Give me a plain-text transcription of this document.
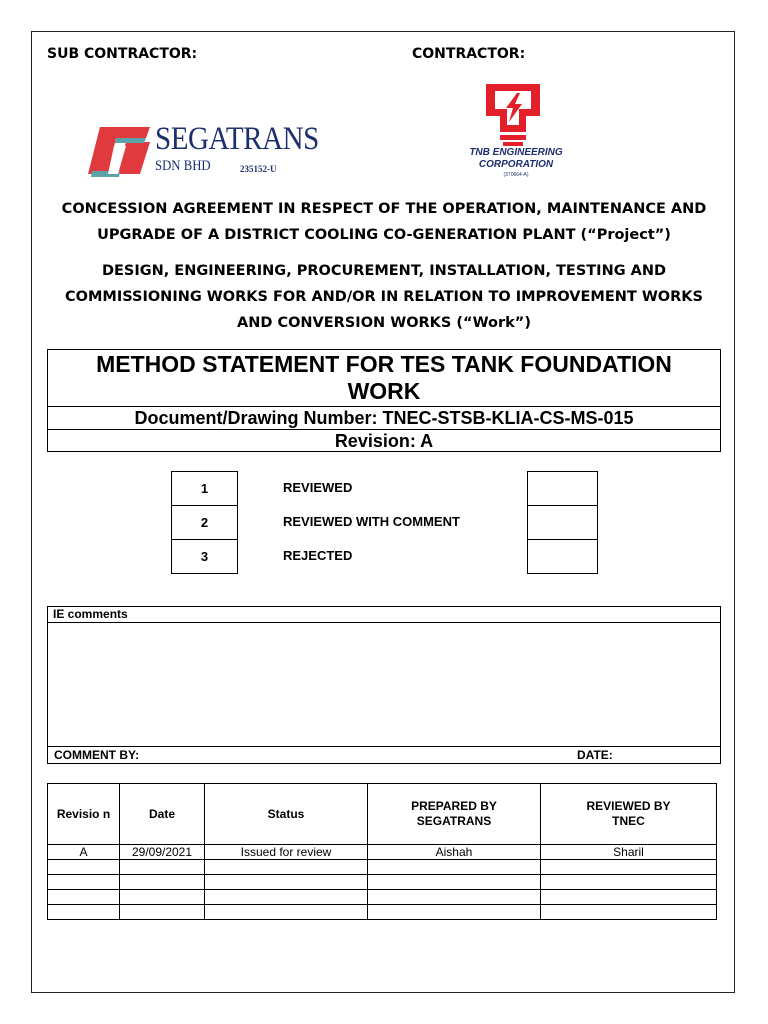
SUB CONTRACTOR:	CONTRACTOR:
SEGATRANS
SDN BHD	235152-U
TNB ENGINEERING
CORPORATION
(370664-A)
CONCESSION AGREEMENT IN RESPECT OF THE OPERATION, MAINTENANCE AND
UPGRADE OF A DISTRICT COOLING CO-GENERATION PLANT (“Project”)
DESIGN, ENGINEERING, PROCUREMENT, INSTALLATION, TESTING AND
COMMISSIONING WORKS FOR AND/OR IN RELATION TO IMPROVEMENT WORKS
AND CONVERSION WORKS (“Work”)
METHOD STATEMENT FOR TES TANK FOUNDATION
WORK
Document/Drawing Number: TNEC-STSB-KLIA-CS-MS-015
Revision: A
1	REVIEWED
2	REVIEWED WITH COMMENT
3	REJECTED
IE comments
COMMENT BY:	DATE:
Revisio n	Date	Status	PREPARED BY SEGATRANS	REVIEWED BY TNEC
A	29/09/2021	Issued for review	Aishah	Sharil
